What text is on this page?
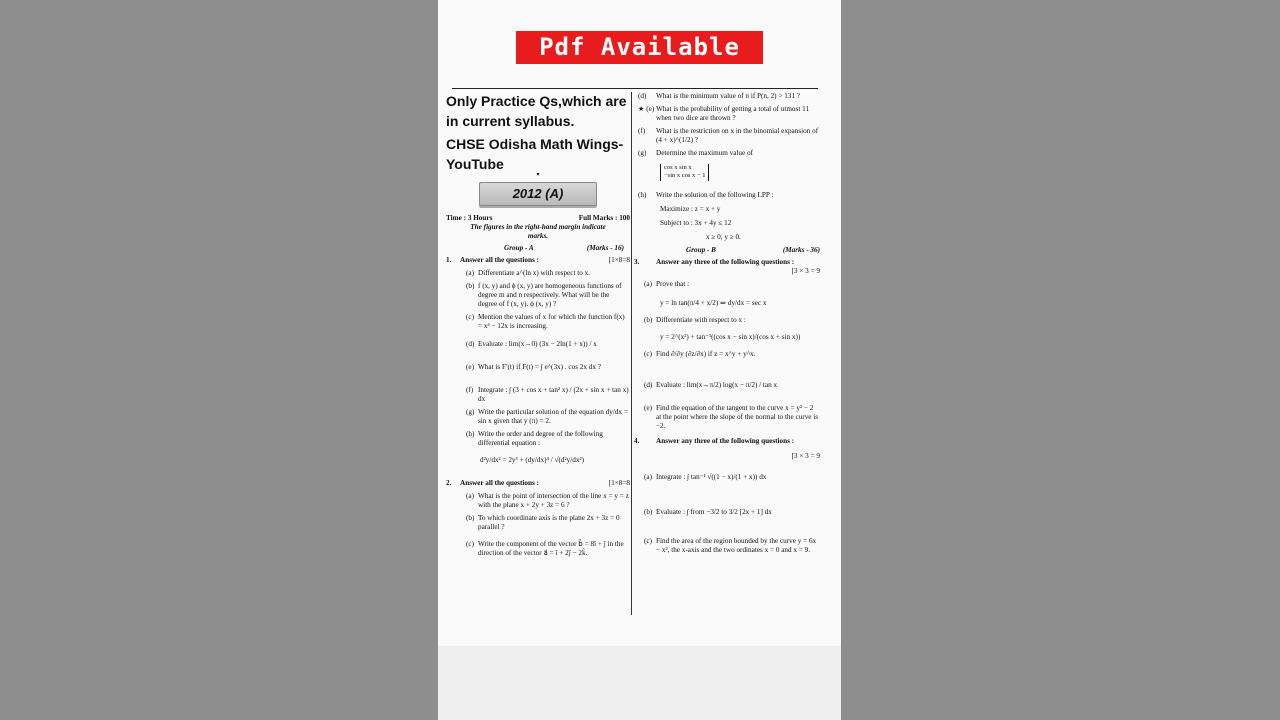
Pdf Available
Only Practice Qs,which are in current syllabus.
CHSE Odisha Math Wings-YouTube
▾
2012 (A)
Time : 3 Hours	Full Marks : 100
The figures in the right-hand margin indicate marks.
Group - A	(Marks - 16)
1.	Answer all the questions :	[1×8=8
(a) Differentiate a^(ln x) with respect to x.
(b) f (x, y) and ϕ (x, y) are homogeneous functions of degree m and n respectively. What will be the degree of f (x, y). ϕ (x, y) ?
(c) Mention the values of x for which the function f(x) = x³ − 12x is increasing.
(d) Evaluate : lim(x→0) (3x − 2ln(1 + x)) / x
(e) What is F′(t) if F(t) = ∫ e^(3x) . cos 2x dx ?
(f) Integrate : ∫ (3 + cos x + tan² x) / (2x + sin x + tan x) dx
(g) Write the particular solution of the equation dy/dx = sin x given that y (π) = 2.
(h) Write the order and degree of the following differential equation :
d²y/dx² = 2y³ + (dy/dx)⁴ / √(d²y/dx²)
2.	Answer all the questions :	[1×8=8
(a) What is the point of intersection of the line x = y = z with the plane x + 2y + 3z = 6 ?
(b) To which coordinate axis is the plane 2x + 3z = 0 parallel ?
(c) Write the component of the vector b⃗ = 8î + ĵ in the direction of the vector a⃗ = î + 2ĵ − 2k̂.
(d)	What is the minimum value of n if P(n, 2) > 131 ?
★ (e) What is the probability of getting a total of utmost 11 when two dice are thrown ?
(f)	What is the restriction on x in the binomial expansion of (4 + x)^(1/2) ?
(g)	Determine the maximum value of
cos x sin x
−sin x cos x − 1
(h)	Write the solution of the following LPP :
Maximize : z = x + y
Subject to : 3x + 4y ≤ 12
x ≥ 0, y ≥ 0.
Group - B	(Marks - 36)
3.	Answer any three of the following questions :
[3 × 3 = 9
(a) Prove that :
y = ln tan(π/4 + x/2) ⇒ dy/dx = sec x
(b) Differentiate with respect to x :
y = 2^(x²) + tan⁻¹((cos x − sin x)/(cos x + sin x))
(c) Find ∂/∂y (∂z/∂x) if z = x^y + y^x.
(d) Evaluate : lim(x→π/2) log(x − π/2) / tan x
(e) Find the equation of the tangent to the curve x = y² − 2 at the point where the slope of the normal to the curve is −2.
4.	Answer any three of the following questions :
[3 × 3 = 9
(a) Integrate : ∫ tan⁻¹ √((1 − x)/(1 + x)) dx
(b) Evaluate : ∫ from −3/2 to 3/2 [2x + 1] dx
(c) Find the area of the region bounded by the curve y = 6x − x², the x-axis and the two ordinates x = 0 and x = 9.
